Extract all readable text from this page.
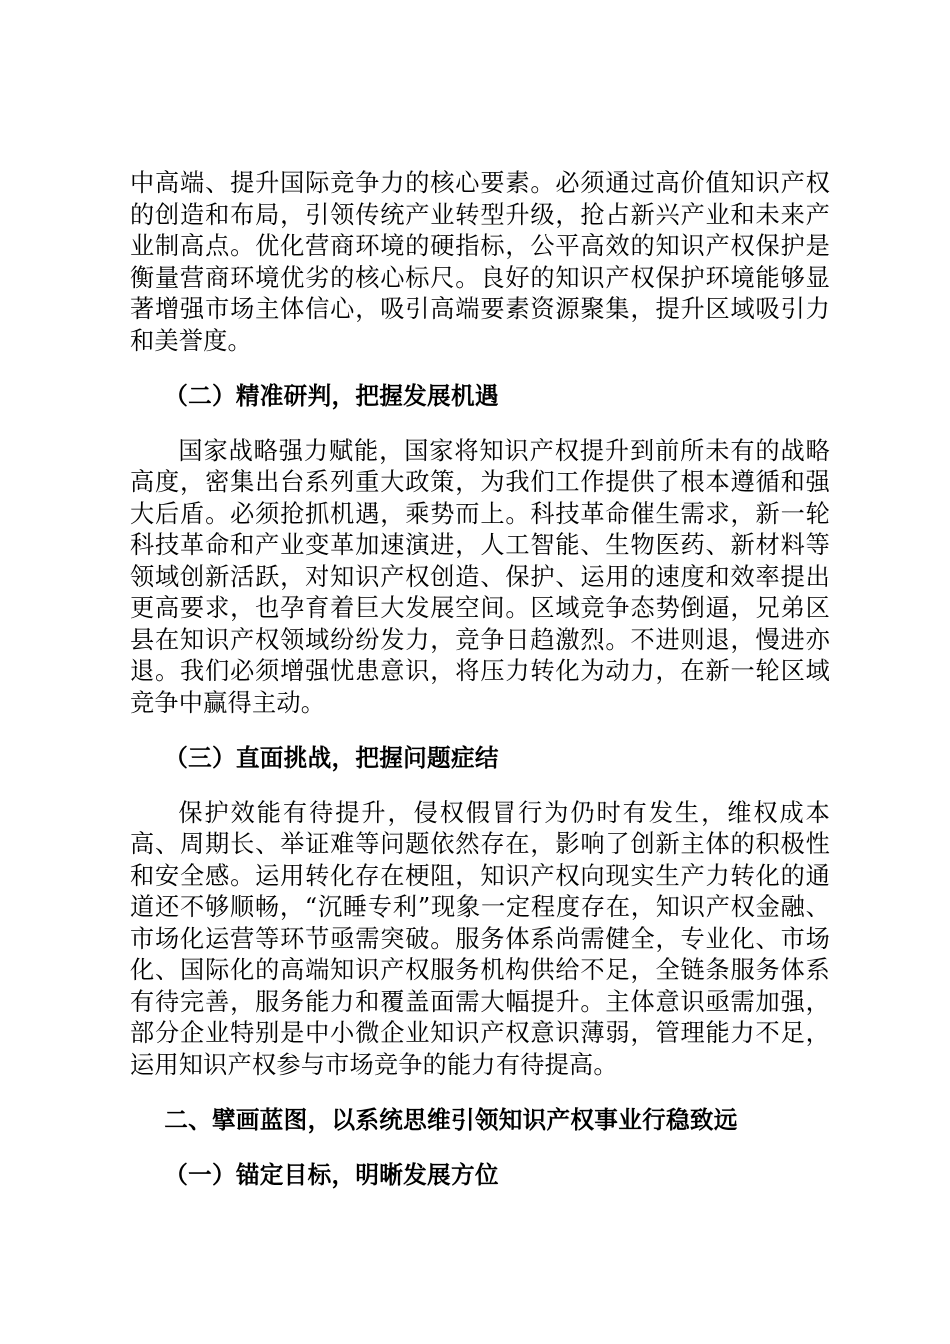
中高端、提升国际竞争力的核心要素。必须通过高价值知识产权的创造和布局，引领传统产业转型升级，抢占新兴产业和未来产业制高点。优化营商环境的硬指标，公平高效的知识产权保护是衡量营商环境优劣的核心标尺。良好的知识产权保护环境能够显著增强市场主体信心，吸引高端要素资源聚集，提升区域吸引力和美誉度。

（二）精准研判，把握发展机遇

国家战略强力赋能，国家将知识产权提升到前所未有的战略高度，密集出台系列重大政策，为我们工作提供了根本遵循和强大后盾。必须抢抓机遇，乘势而上。科技革命催生需求，新一轮科技革命和产业变革加速演进，人工智能、生物医药、新材料等领域创新活跃，对知识产权创造、保护、运用的速度和效率提出更高要求，也孕育着巨大发展空间。区域竞争态势倒逼，兄弟区县在知识产权领域纷纷发力，竞争日趋激烈。不进则退，慢进亦退。我们必须增强忧患意识，将压力转化为动力，在新一轮区域竞争中赢得主动。

（三）直面挑战，把握问题症结

保护效能有待提升，侵权假冒行为仍时有发生，维权成本高、周期长、举证难等问题依然存在，影响了创新主体的积极性和安全感。运用转化存在梗阻，知识产权向现实生产力转化的通道还不够顺畅，“沉睡专利”现象一定程度存在，知识产权金融、市场化运营等环节亟需突破。服务体系尚需健全，专业化、市场化、国际化的高端知识产权服务机构供给不足，全链条服务体系有待完善，服务能力和覆盖面需大幅提升。主体意识亟需加强，部分企业特别是中小微企业知识产权意识薄弱，管理能力不足，运用知识产权参与市场竞争的能力有待提高。

二、擘画蓝图，以系统思维引领知识产权事业行稳致远

（一）锚定目标，明晰发展方位
